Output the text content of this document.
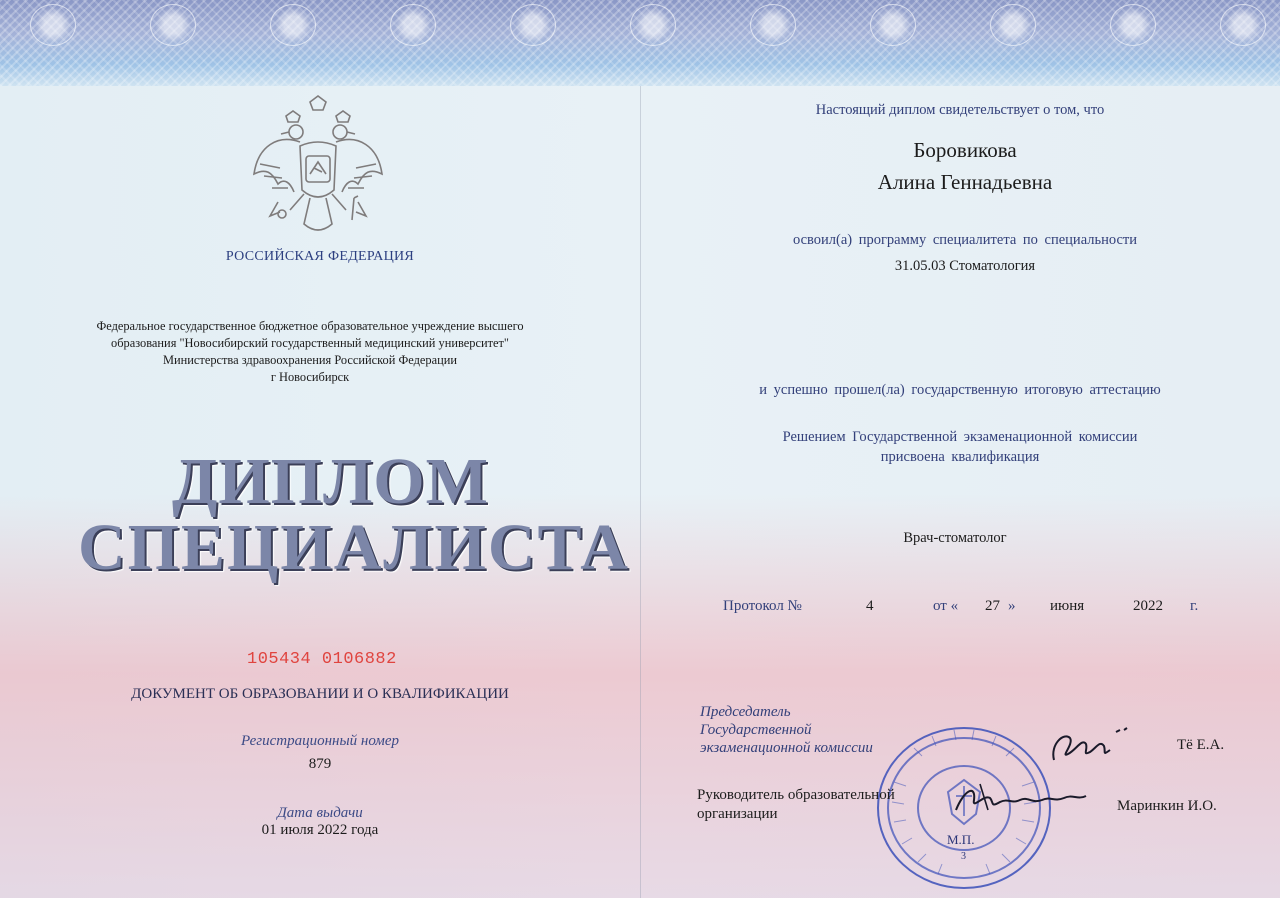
РОССИЙСКАЯ ФЕДЕРАЦИЯ
Федеральное государственное бюджетное образовательное учреждение высшего
образования "Новосибирский государственный медицинский университет"
Министерства здравоохранения Российской Федерации
г Новосибирск
ДИПЛОМ
СПЕЦИАЛИСТА
105434 0106882
ДОКУМЕНТ ОБ ОБРАЗОВАНИИ И О КВАЛИФИКАЦИИ
Регистрационный номер
879
Дата выдачи
01 июля 2022 года
Настоящий диплом свидетельствует о том, что
Боровикова
Алина Геннадьевна
освоил(а) программу специалитета по специальности
31.05.03 Стоматология
и успешно прошел(ла) государственную итоговую аттестацию
Решением Государственной экзаменационной комиссии
присвоена квалификация
Врач-стоматолог
Протокол №	4	от « 27 » июня	2022 г.
М.П.
3
Председатель
Государственной
экзаменационной комиссии	Тё Е.А.
Руководитель образовательной
организации	Маринкин И.О.
